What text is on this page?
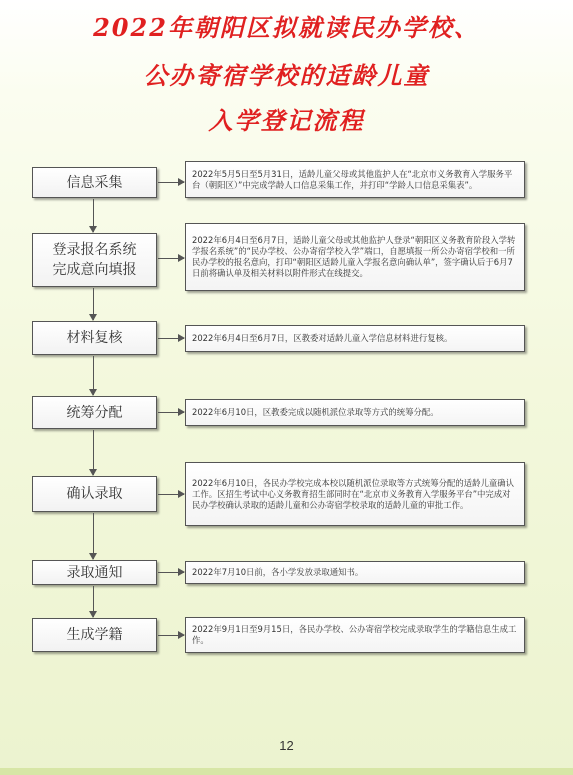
2022年朝阳区拟就读民办学校、
公办寄宿学校的适龄儿童
入学登记流程
信息采集
2022年5月5日至5月31日，适龄儿童父母或其他监护人在“北京市义务教育入学服务平台（朝阳区）”中完成学龄人口信息采集工作，并打印“学龄人口信息采集表”。
登录报名系统
完成意向填报
2022年6月4日至6月7日，适龄儿童父母或其他监护人登录“朝阳区义务教育阶段入学转学报名系统”的“民办学校、公办寄宿学校入学”端口，自愿填报一所公办寄宿学校和一所民办学校的报名意向，打印“朝阳区适龄儿童入学报名意向确认单”，签字确认后于6月7日前将确认单及相关材料以附件形式在线提交。
材料复核	2022年6月4日至6月7日，区教委对适龄儿童入学信息材料进行复核。
统筹分配	2022年6月10日，区教委完成以随机派位录取等方式的统筹分配。
确认录取
2022年6月10日，各民办学校完成本校以随机派位录取等方式统筹分配的适龄儿童确认工作。区招生考试中心义务教育招生部同时在“北京市义务教育入学服务平台”中完成对民办学校确认录取的适龄儿童和公办寄宿学校录取的适龄儿童的审批工作。
录取通知	2022年7月10日前，各小学发放录取通知书。
生成学籍	2022年9月1日至9月15日，各民办学校、公办寄宿学校完成录取学生的学籍信息生成工作。
12
